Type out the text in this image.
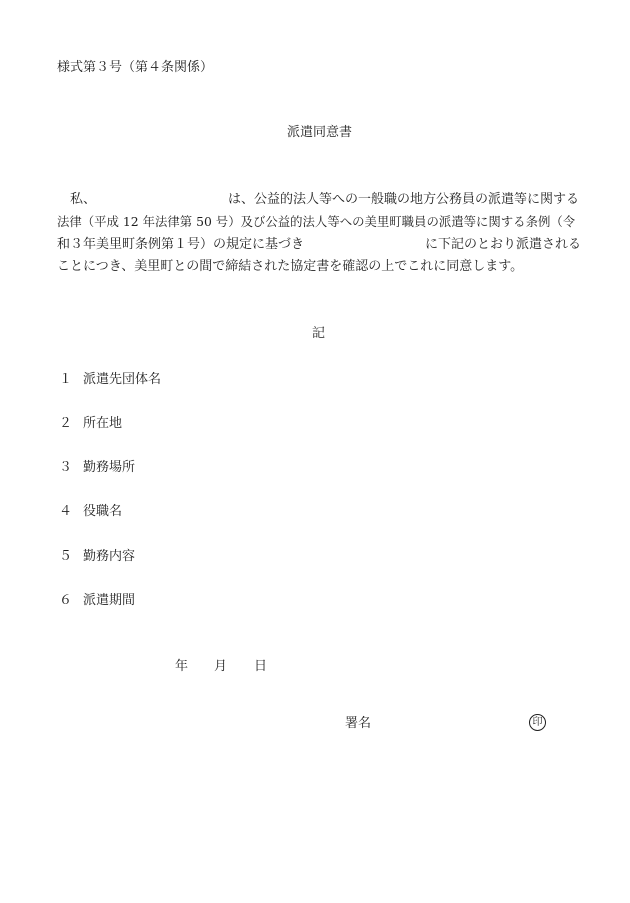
様式第３号（第４条関係）
派遣同意書
私、	は、公益的法人等への一般職の地方公務員の派遣等に関する
法律（平成 12 年法律第 50 号）及び公益的法人等への美里町職員の派遣等に関する条例（令
和３年美里町条例第１号）の規定に基づき	に下記のとおり派遣される
ことにつき、美里町との間で締結された協定書を確認の上でこれに同意します。
記
１ 派遣先団体名
２ 所在地
３ 勤務場所
４ 役職名
５ 勤務内容
６ 派遣期間
年 月 日
署名	印
